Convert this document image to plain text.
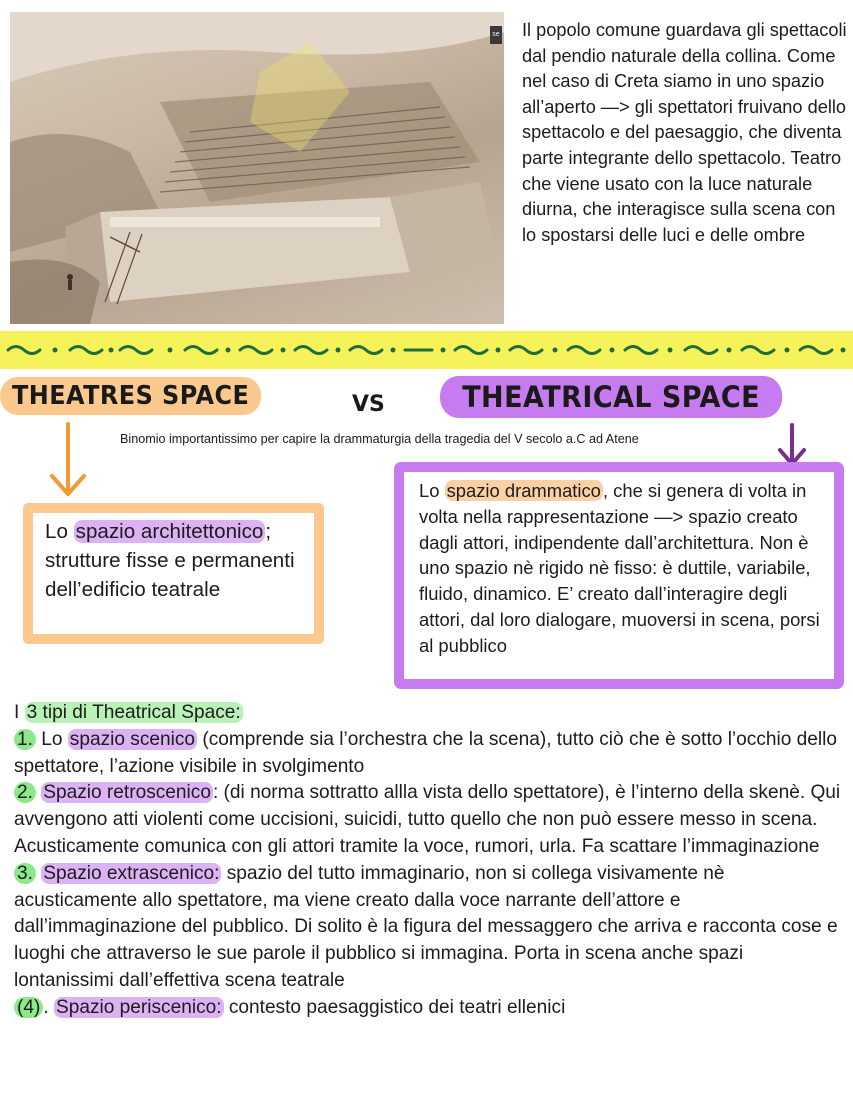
se Il popolo comune guardava gli spettacoli dal pendio naturale della collina. Come nel caso di Creta siamo in uno spazio all’aperto —> gli spettatori fruivano dello spettacolo e del paesaggio, che diventa parte integrante dello spettacolo. Teatro che viene usato con la luce naturale diurna, che interagisce sulla scena con lo spostarsi delle luci e delle ombre
THEATRES SPACE	VS	THEATRICAL SPACE
Binomio importantissimo per capire la drammaturgia della tragedia del V secolo a.C ad Atene
Lo spazio architettonico; strutture fisse e permanenti dell’edificio teatrale
Lo spazio drammatico , che si genera di volta in volta nella rappresentazione —> spazio creato dagli attori, indipendente dall’architettura. Non è uno spazio nè rigido nè fisso: è duttile, variabile, fluido, dinamico. E’ creato dall’interagire degli attori, dal loro dialogare, muoversi in scena, porsi al pubblico

I 3 tipi di Theatrical Space:

1. Lo spazio scenico (comprende sia l’orchestra che la scena), tutto ciò che è sotto l’occhio dello spettatore, l’azione visibile in svolgimento

2. Spazio retroscenico : (di norma sottratto allla vista dello spettatore), è l’interno della skenè. Qui avvengono atti violenti come uccisioni, suicidi, tutto quello che non può essere messo in scena. Acusticamente comunica con gli attori tramite la voce, rumori, urla. Fa scattare l’immaginazione

3. Spazio extrascenico: spazio del tutto immaginario, non si collega visivamente nè acusticamente allo spettatore, ma viene creato dalla voce narrante dell’attore e dall’immaginazione del pubblico. Di solito è la figura del messaggero che arriva e racconta cose e luoghi che attraverso le sue parole il pubblico si immagina. Porta in scena anche spazi lontanissimi dall’effettiva scena teatrale

(4) . Spazio periscenico: contesto paesaggistico dei teatri ellenici
